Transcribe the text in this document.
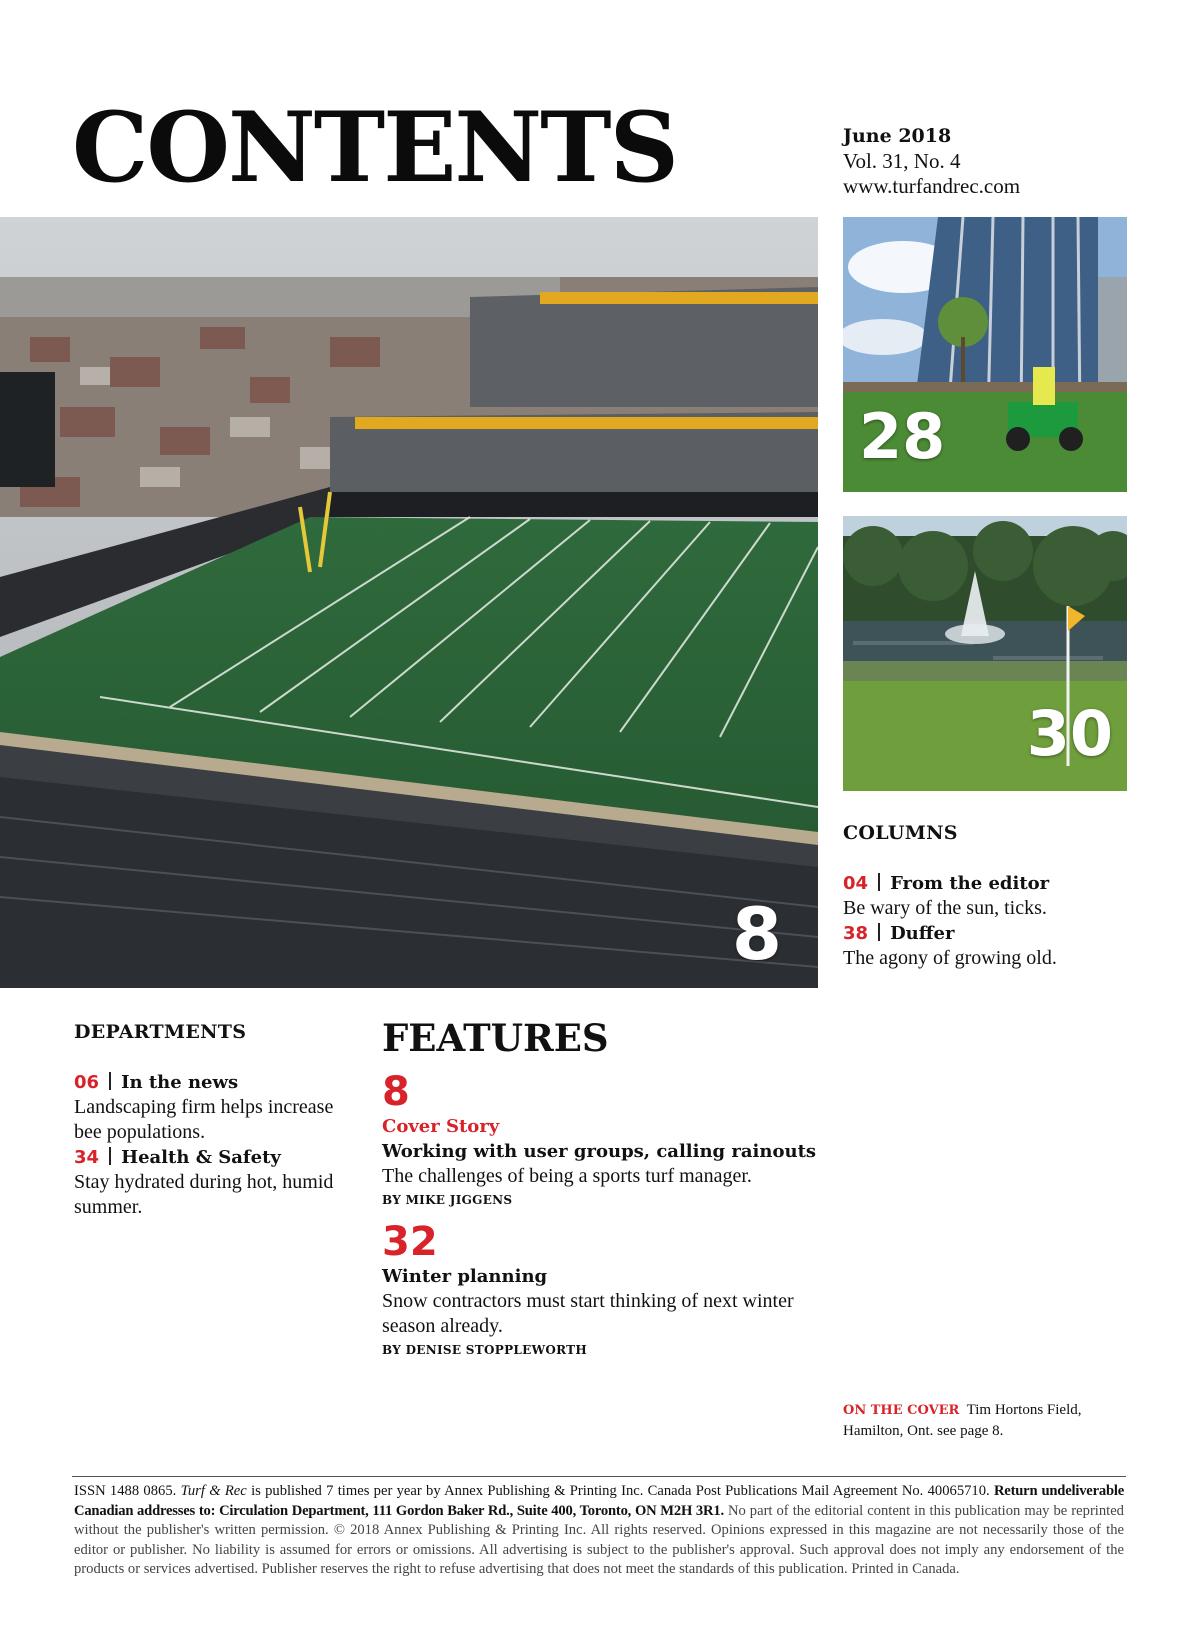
CONTENTS	June 2018
Vol. 31, No. 4
www.turfandrec.com
8
28
30
COLUMNS
04 From the editor
Be wary of the sun, ticks.
38 Duffer
The agony of growing old.
DEPARTMENTS
06 In the news
Landscaping firm helps increase
bee populations.
34 Health & Safety
Stay hydrated during hot, humid
summer.
FEATURES
8
Cover Story
Working with user groups, calling rainouts
The challenges of being a sports turf manager.
BY MIKE JIGGENS
32
Winter planning
Snow contractors must start thinking of next winter
season already.
BY DENISE STOPPLEWORTH
ON THE COVER Tim Hortons Field,
Hamilton, Ont. see page 8.
ISSN 1488 0865. Turf & Rec is published 7 times per year by Annex Publishing & Printing Inc. Canada Post Publications Mail Agreement No. 40065710. Return undeliverable Canadian addresses to: Circulation Department, 111 Gordon Baker Rd., Suite 400, Toronto, ON M2H 3R1. No part of the editorial content in this publication may be reprinted without the publisher's written permission. © 2018 Annex Publishing & Printing Inc. All rights reserved. Opinions expressed in this magazine are not necessarily those of the editor or publisher. No liability is assumed for errors or omissions. All advertising is subject to the publisher's approval. Such approval does not imply any endorsement of the products or services advertised. Publisher reserves the right to refuse advertising that does not meet the standards of this publication. Printed in Canada.
